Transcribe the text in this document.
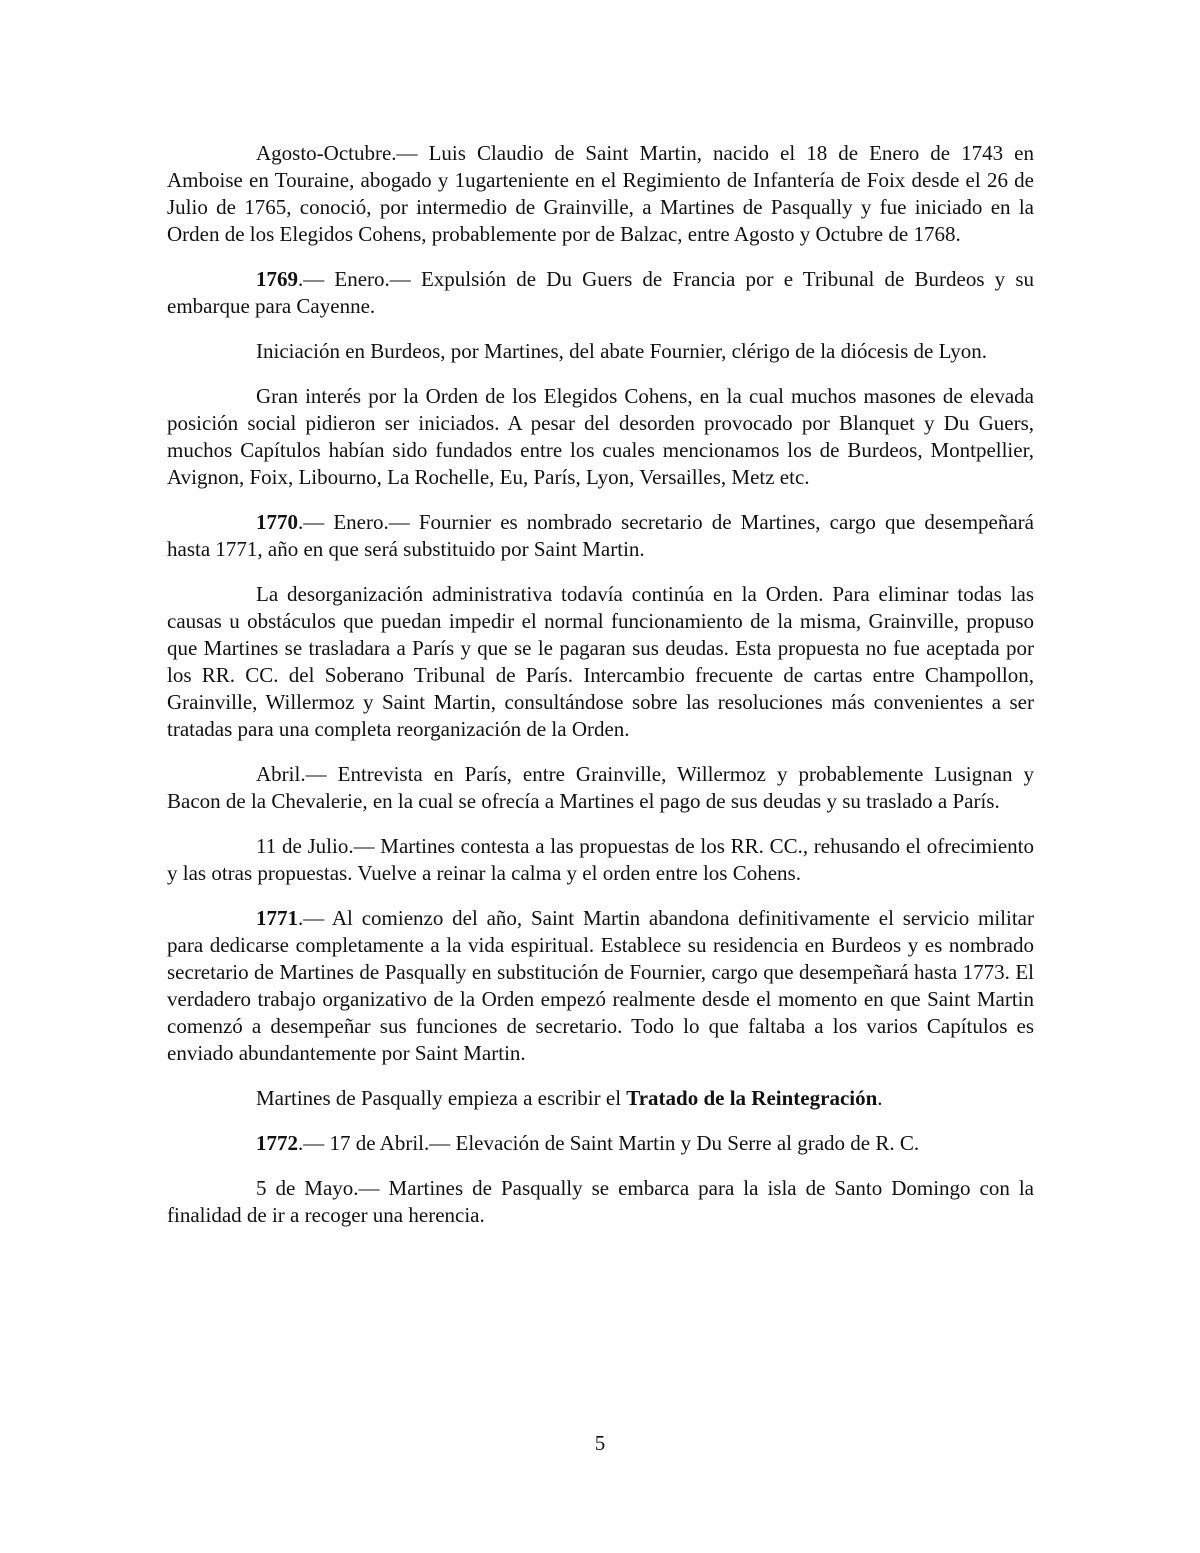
Agosto-Octubre.— Luis Claudio de Saint Martin, nacido el 18 de Enero de 1743 en Amboise en Touraine, abogado y 1ugarteniente en el Regimiento de Infantería de Foix desde el 26 de Julio de 1765, conoció, por intermedio de Grainville, a Martines de Pasqually y fue iniciado en la Orden de los Elegidos Cohens, probablemente por de Balzac, entre Agosto y Octubre de 1768.

1769.— Enero.— Expulsión de Du Guers de Francia por e Tribunal de Burdeos y su embarque para Cayenne.

Iniciación en Burdeos, por Martines, del abate Fournier, clérigo de la diócesis de Lyon.

Gran interés por la Orden de los Elegidos Cohens, en la cual muchos masones de elevada posición social pidieron ser iniciados. A pesar del desorden provocado por Blanquet y Du Guers, muchos Capítulos habían sido fundados entre los cuales mencionamos los de Burdeos, Montpellier, Avignon, Foix, Libourno, La Rochelle, Eu, París, Lyon, Versailles, Metz etc.

1770.— Enero.— Fournier es nombrado secretario de Martines, cargo que desempeñará hasta 1771, año en que será substituido por Saint Martin.

La desorganización administrativa todavía continúa en la Orden. Para eliminar todas las causas u obstáculos que puedan impedir el normal funcionamiento de la misma, Grainville, propuso que Martines se trasladara a París y que se le pagaran sus deudas. Esta propuesta no fue aceptada por los RR. CC. del Soberano Tribunal de París. Intercambio frecuente de cartas entre Champollon, Grainville, Willermoz y Saint Martin, consultándose sobre las resoluciones más convenientes a ser tratadas para una completa reorganización de la Orden.

Abril.— Entrevista en París, entre Grainville, Willermoz y probablemente Lusignan y Bacon de la Chevalerie, en la cual se ofrecía a Martines el pago de sus deudas y su traslado a París.

11 de Julio.— Martines contesta a las propuestas de los RR. CC., rehusando el ofrecimiento y las otras propuestas. Vuelve a reinar la calma y el orden entre los Cohens.

1771.— Al comienzo del año, Saint Martin abandona definitivamente el servicio militar para dedicarse completamente a la vida espiritual. Establece su residencia en Burdeos y es nombrado secretario de Martines de Pasqually en substitución de Fournier, cargo que desempeñará hasta 1773. El verdadero trabajo organizativo de la Orden empezó realmente desde el momento en que Saint Martin comenzó a desempeñar sus funciones de secretario. Todo lo que faltaba a los varios Capítulos es enviado abundantemente por Saint Martin.

Martines de Pasqually empieza a escribir el Tratado de la Reintegración.

1772.— 17 de Abril.— Elevación de Saint Martin y Du Serre al grado de R. C.

5 de Mayo.— Martines de Pasqually se embarca para la isla de Santo Domingo con la finalidad de ir a recoger una herencia.

5
